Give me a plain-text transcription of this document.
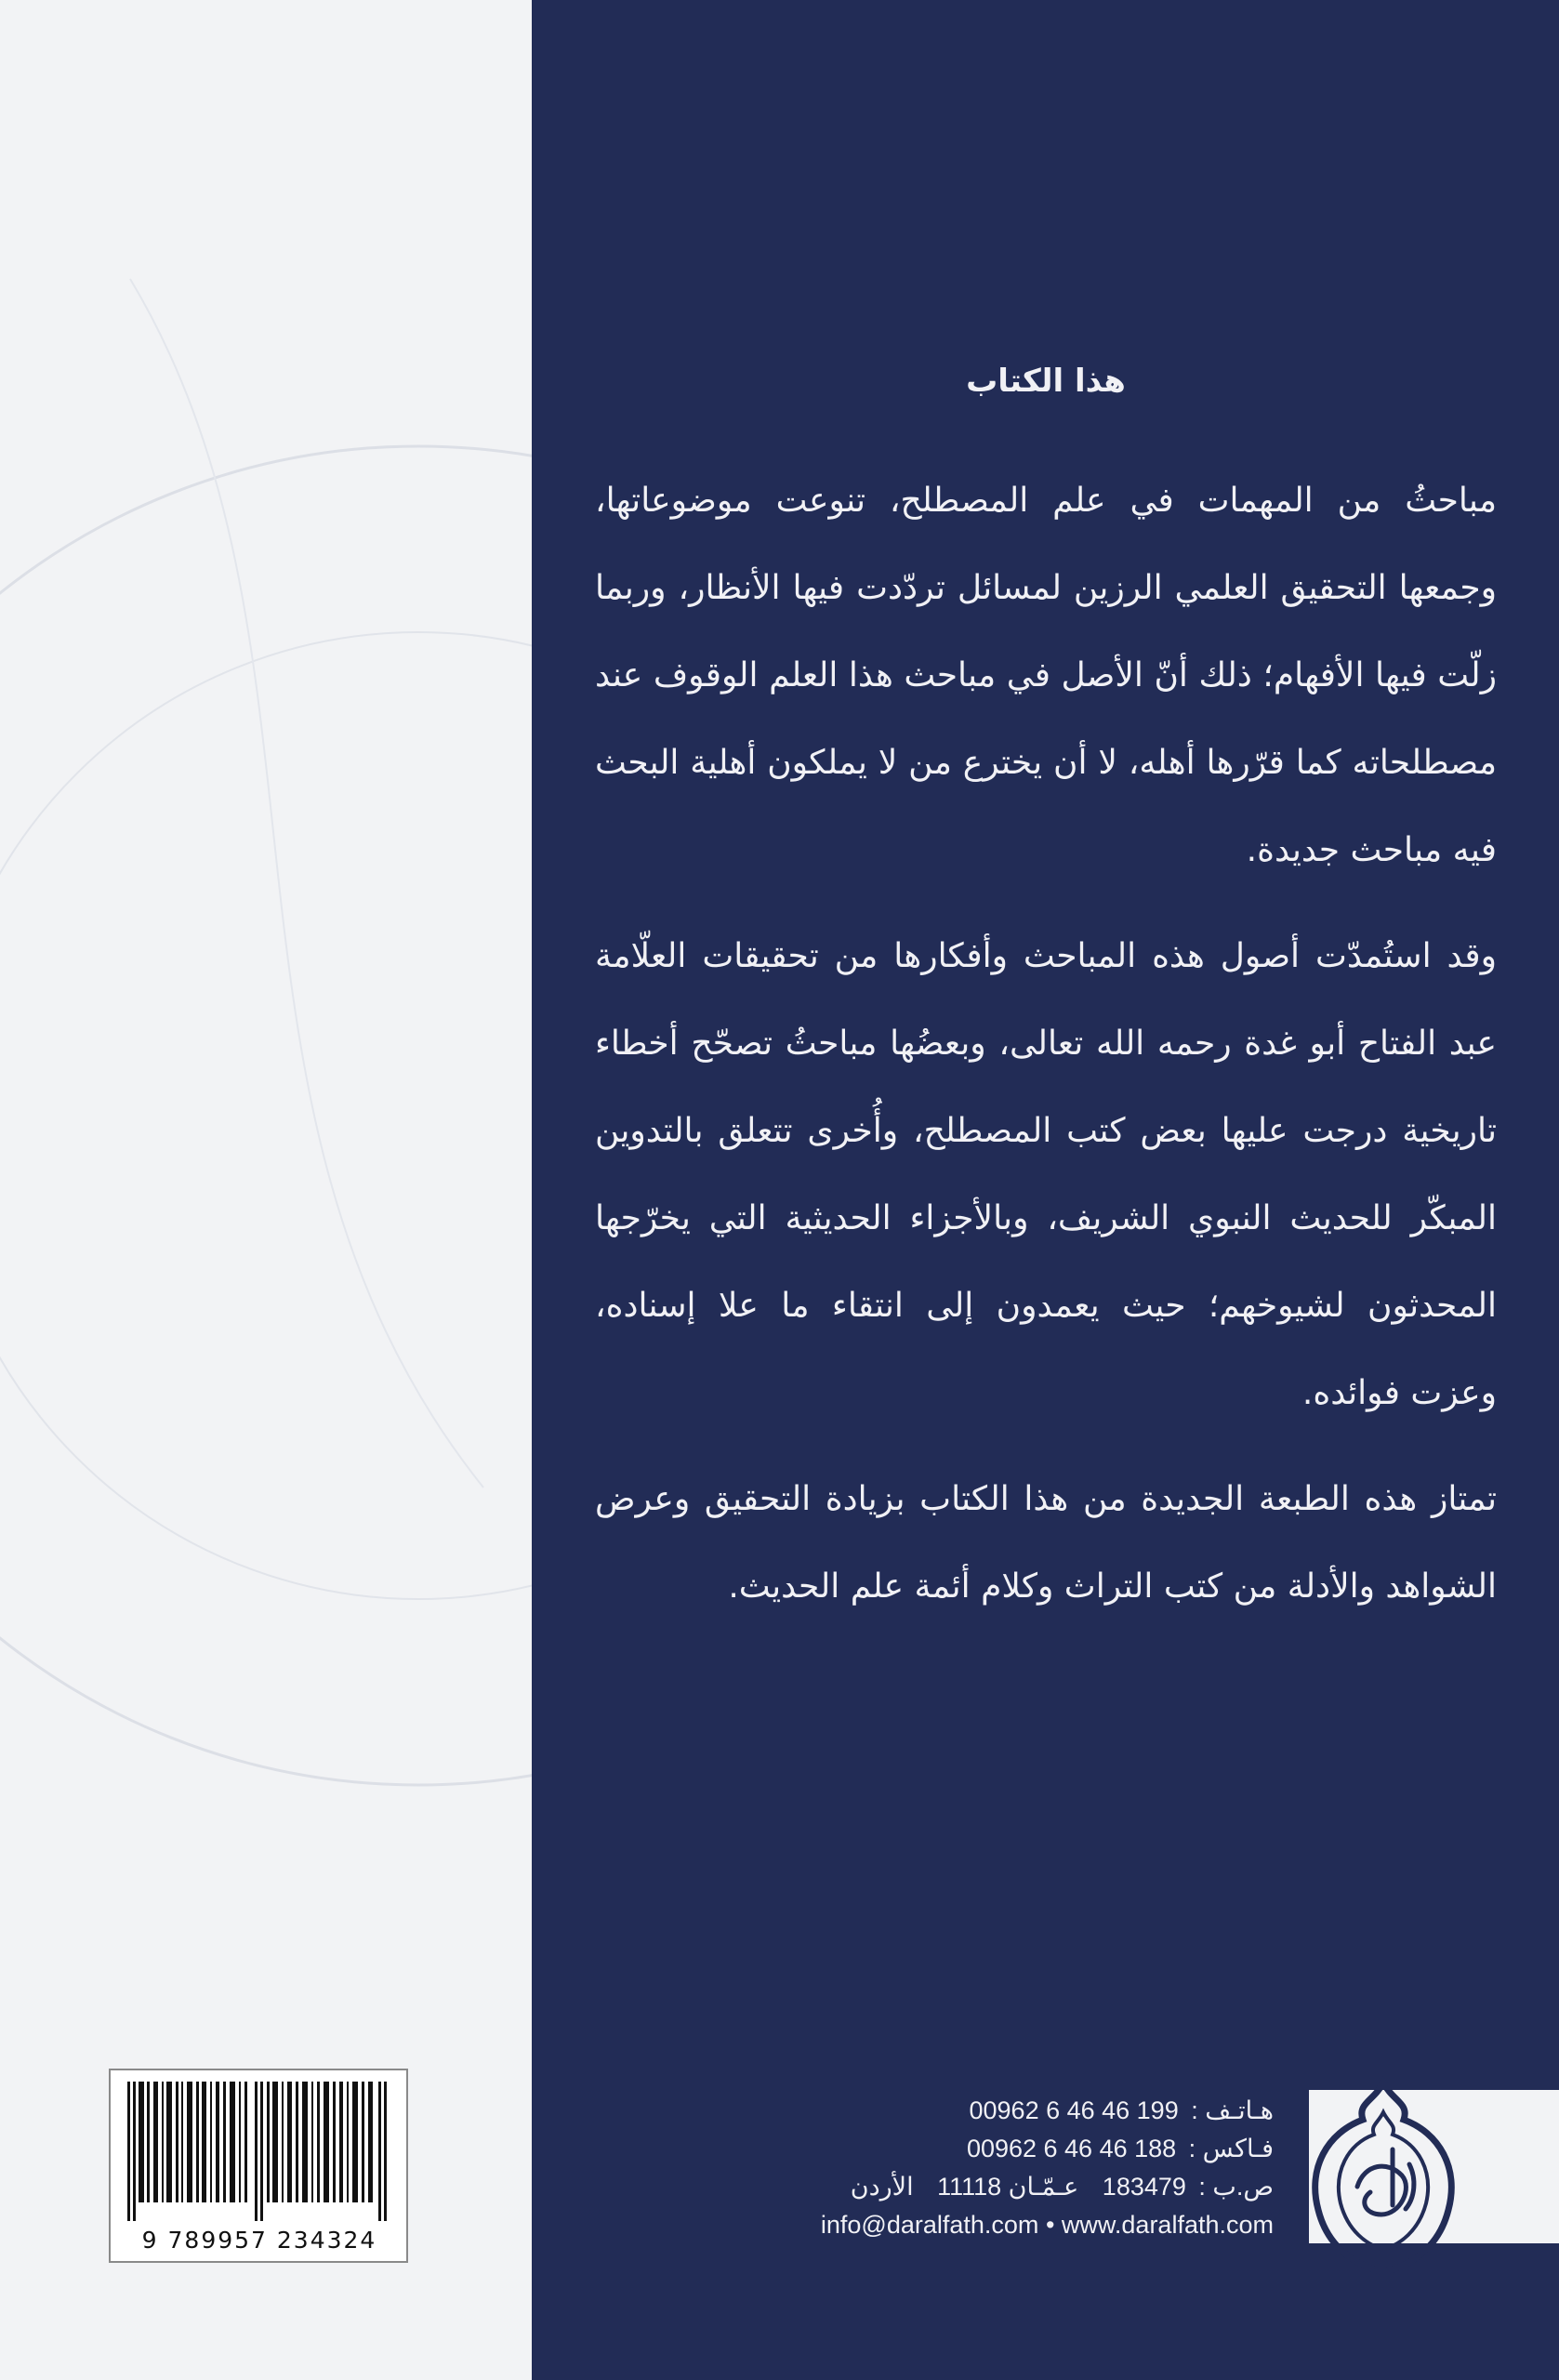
هذا الكتاب

مباحثُ من المهمات في علم المصطلح، تنوعت موضوعاتها، وجمعها التحقيق العلمي الرزين لمسائل تردّدت فيها الأنظار، وربما زلّت فيها الأفهام؛ ذلك أنّ الأصل في مباحث هذا العلم الوقوف عند مصطلحاته كما قرّرها أهله، لا أن يخترع من لا يملكون أهلية البحث فيه مباحث جديدة.

وقد استُمدّت أصول هذه المباحث وأفكارها من تحقيقات العلّامة عبد الفتاح أبو غدة رحمه الله تعالى، وبعضُها مباحثُ تصحّح أخطاء تاريخية درجت عليها بعض كتب المصطلح، وأُخرى تتعلق بالتدوين المبكّر للحديث النبوي الشريف، وبالأجزاء الحديثية التي يخرّجها المحدثون لشيوخهم؛ حيث يعمدون إلى انتقاء ما علا إسناده، وعزت فوائده.

تمتاز هذه الطبعة الجديدة من هذا الكتاب بزيادة التحقيق وعرض الشواهد والأدلة من كتب التراث وكلام أئمة علم الحديث.

9 789957 234324
هـاتـف : 00962 6 46 46 199
فـاكس : 00962 6 46 46 188
ص.ب : 183479 عـمّـان 11118 الأردن
info@daralfath.com • www.daralfath.com
